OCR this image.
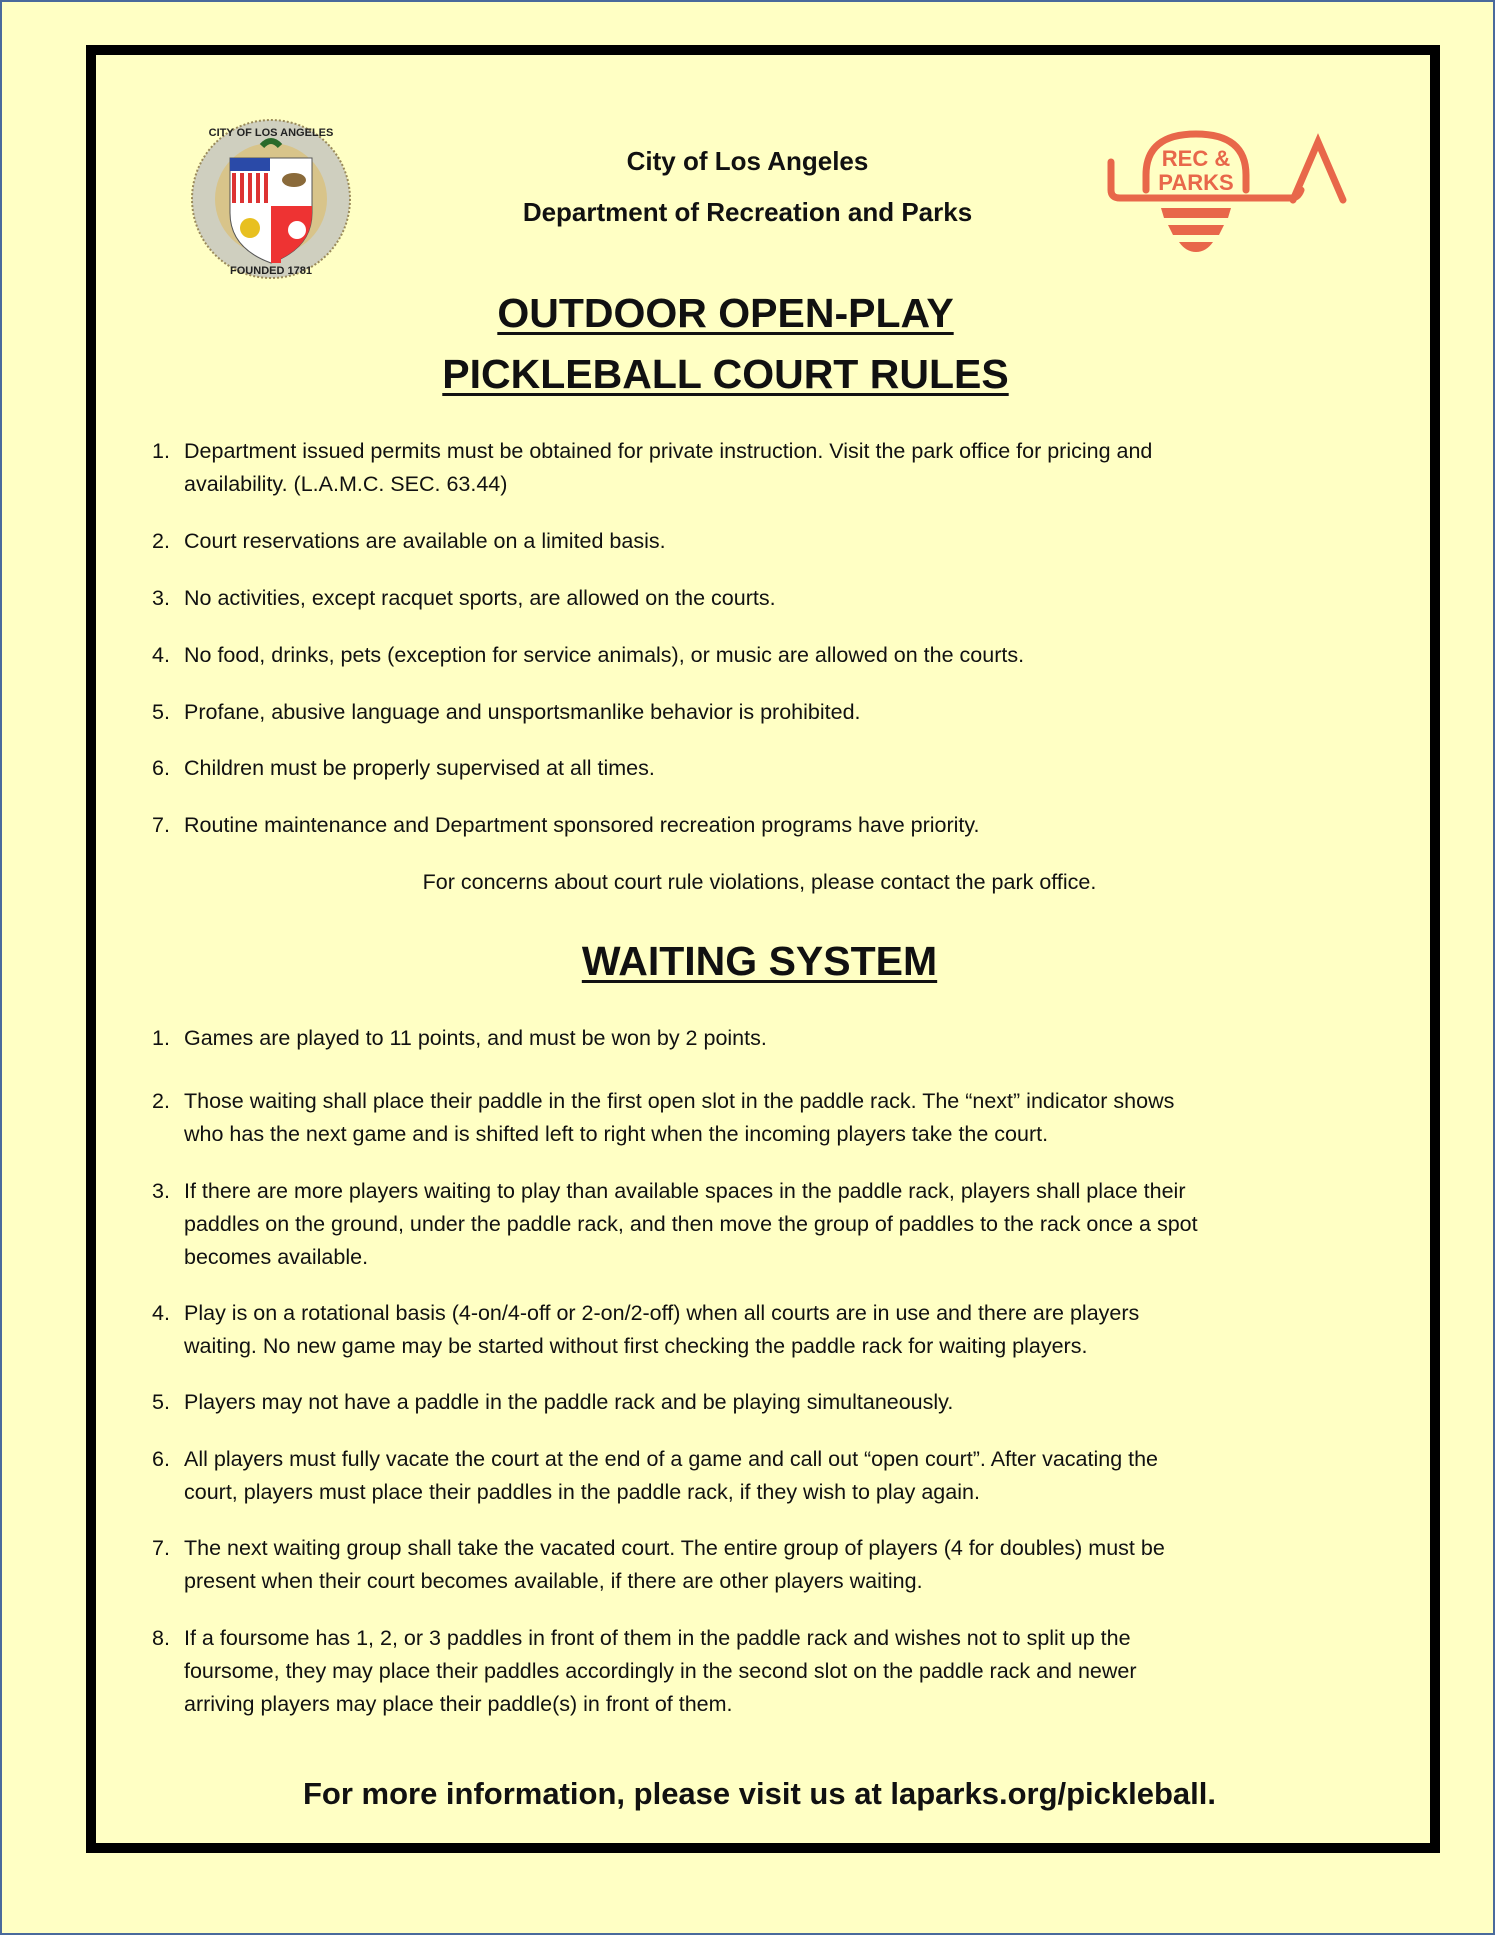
CITY OF LOS ANGELES
FOUNDED 1781
REC &
PARKS
City of Los Angeles
Department of Recreation and Parks
OUTDOOR OPEN-PLAY
PICKLEBALL COURT RULES
1. Department issued permits must be obtained for private instruction. Visit the park office for pricing and
availability. (L.A.M.C. SEC. 63.44)
2. Court reservations are available on a limited basis.
3. No activities, except racquet sports, are allowed on the courts.
4. No food, drinks, pets (exception for service animals), or music are allowed on the courts.
5. Profane, abusive language and unsportsmanlike behavior is prohibited.
6. Children must be properly supervised at all times.
7. Routine maintenance and Department sponsored recreation programs have priority.
For concerns about court rule violations, please contact the park office.
WAITING SYSTEM
1. Games are played to 11 points, and must be won by 2 points.
2. Those waiting shall place their paddle in the first open slot in the paddle rack. The “next” indicator shows
who has the next game and is shifted left to right when the incoming players take the court.
3. If there are more players waiting to play than available spaces in the paddle rack, players shall place their
paddles on the ground, under the paddle rack, and then move the group of paddles to the rack once a spot
becomes available.
4. Play is on a rotational basis (4-on/4-off or 2-on/2-off) when all courts are in use and there are players
waiting. No new game may be started without first checking the paddle rack for waiting players.
5. Players may not have a paddle in the paddle rack and be playing simultaneously.
6. All players must fully vacate the court at the end of a game and call out “open court”. After vacating the
court, players must place their paddles in the paddle rack, if they wish to play again.
7. The next waiting group shall take the vacated court. The entire group of players (4 for doubles) must be
present when their court becomes available, if there are other players waiting.
8. If a foursome has 1, 2, or 3 paddles in front of them in the paddle rack and wishes not to split up the
foursome, they may place their paddles accordingly in the second slot on the paddle rack and newer
arriving players may place their paddle(s) in front of them.
For more information, please visit us at laparks.org/pickleball.
